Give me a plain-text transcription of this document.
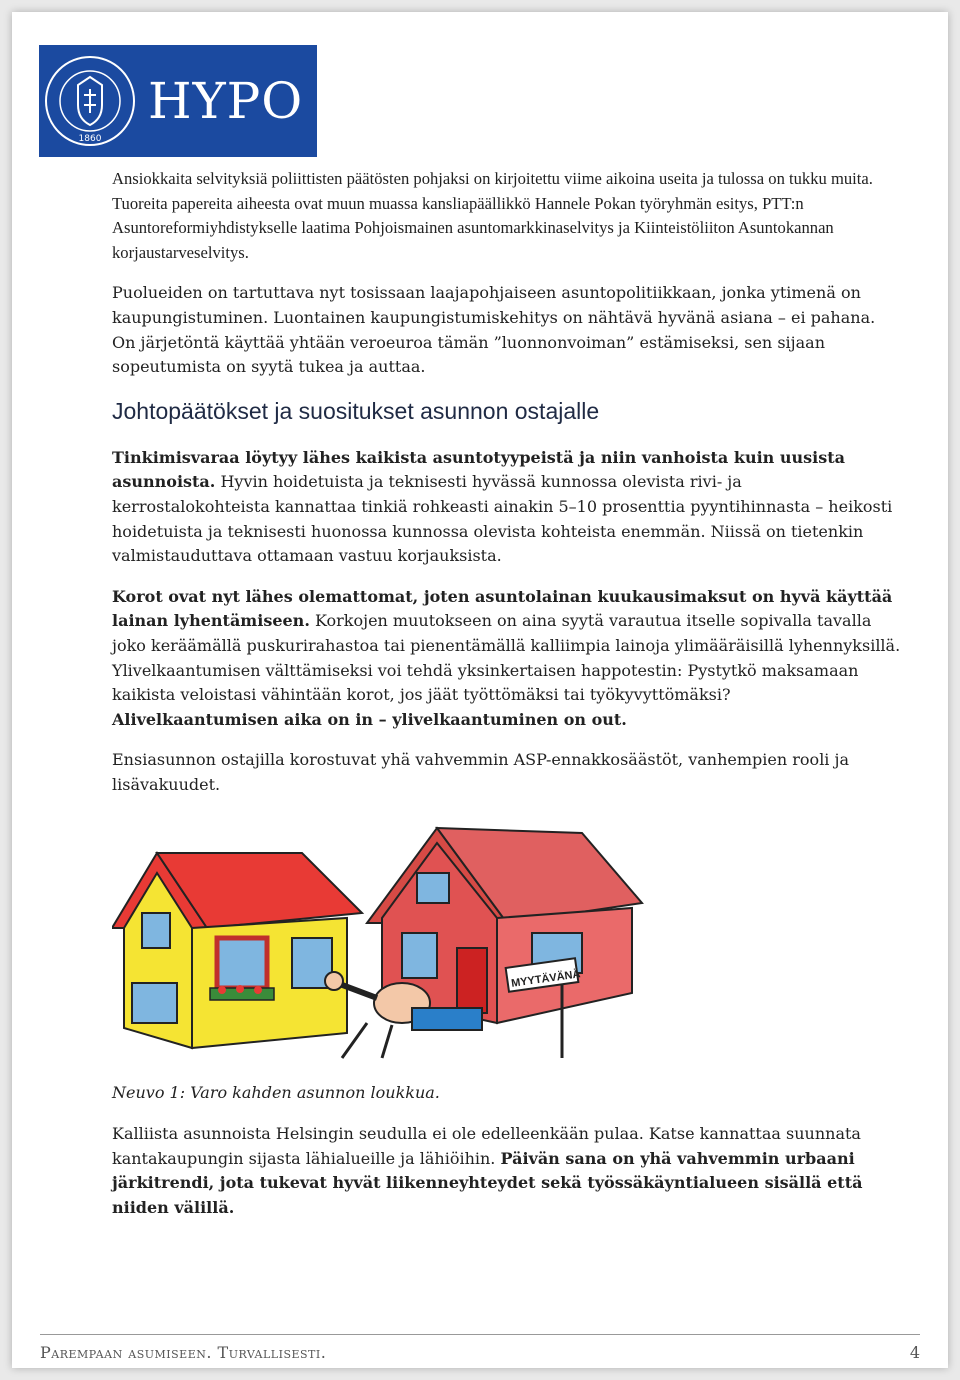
1860
HYPO

Ansiokkaita selvityksiä poliittisten päätösten pohjaksi on kirjoitettu viime aikoina useita ja tulossa on tukku muita. Tuoreita papereita aiheesta ovat muun muassa kansliapäällikkö Hannele Pokan työryhmän esitys, PTT:n Asuntoreformiyhdistykselle laatima Pohjoismainen asuntomarkkinaselvitys ja Kiinteistöliiton Asuntokannan korjaustarveselvitys.

Puolueiden on tartuttava nyt tosissaan laajapohjaiseen asuntopolitiikkaan, jonka ytimenä on kaupungistuminen. Luontainen kaupungistumiskehitys on nähtävä hyvänä asiana – ei pahana. On järjetöntä käyttää yhtään veroeuroa tämän ”luonnonvoiman” estämiseksi, sen sijaan sopeutumista on syytä tukea ja auttaa.

Johtopäätökset ja suositukset asunnon ostajalle

Tinkimisvaraa löytyy lähes kaikista asuntotyypeistä ja niin vanhoista kuin uusista asunnoista. Hyvin hoidetuista ja teknisesti hyvässä kunnossa olevista rivi- ja kerrostalokohteista kannattaa tinkiä rohkeasti ainakin 5–10 prosenttia pyyntihinnasta – heikosti hoidetuista ja teknisesti huonossa kunnossa olevista kohteista enemmän. Niissä on tietenkin valmistauduttava ottamaan vastuu korjauksista.

Korot ovat nyt lähes olemattomat, joten asuntolainan kuukausimaksut on hyvä käyttää lainan lyhentämiseen. Korkojen muutokseen on aina syytä varautua itselle sopivalla tavalla joko keräämällä puskurirahastoa tai pienentämällä kalliimpia lainoja ylimääräisillä lyhennyksillä. Ylivelkaantumisen välttämiseksi voi tehdä yksinkertaisen happotestin: Pystytkö maksamaan kaikista veloistasi vähintään korot, jos jäät työttömäksi tai työkyvyttömäksi? Alivelkaantumisen aika on in – ylivelkaantuminen on out.

Ensiasunnon ostajilla korostuvat yhä vahvemmin ASP-ennakkosäästöt, vanhempien rooli ja lisävakuudet.

MYYTÄVÄNÄ

Neuvo 1: Varo kahden asunnon loukkua.

Kalliista asunnoista Helsingin seudulla ei ole edelleenkään pulaa. Katse kannattaa suunnata kantakaupungin sijasta lähialueille ja lähiöihin. Päivän sana on yhä vahvemmin urbaani järkitrendi, jota tukevat hyvät liikenneyhteydet sekä työssäkäyntialueen sisällä että niiden välillä.

Parempaan asumiseen. Turvallisesti.	4
